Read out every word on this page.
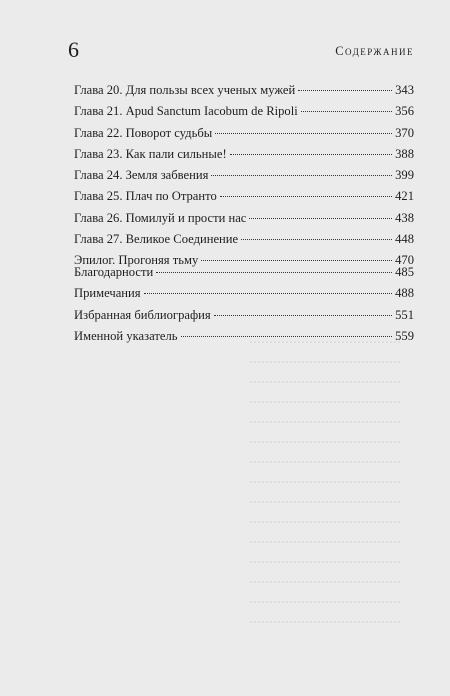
6	Содержание
Глава 20. Для пользы всех ученых мужей	343
Глава 21. Apud Sanctum Iacobum de Ripoli	356
Глава 22. Поворот судьбы	370
Глава 23. Как пали сильные!	388
Глава 24. Земля забвения	399
Глава 25. Плач по Отранто	421
Глава 26. Помилуй и прости нас	438
Глава 27. Великое Соединение	448
Эпилог. Прогоняя тьму	470
Благодарности	485
Примечания	488
Избранная библиография	551
Именной указатель	559
